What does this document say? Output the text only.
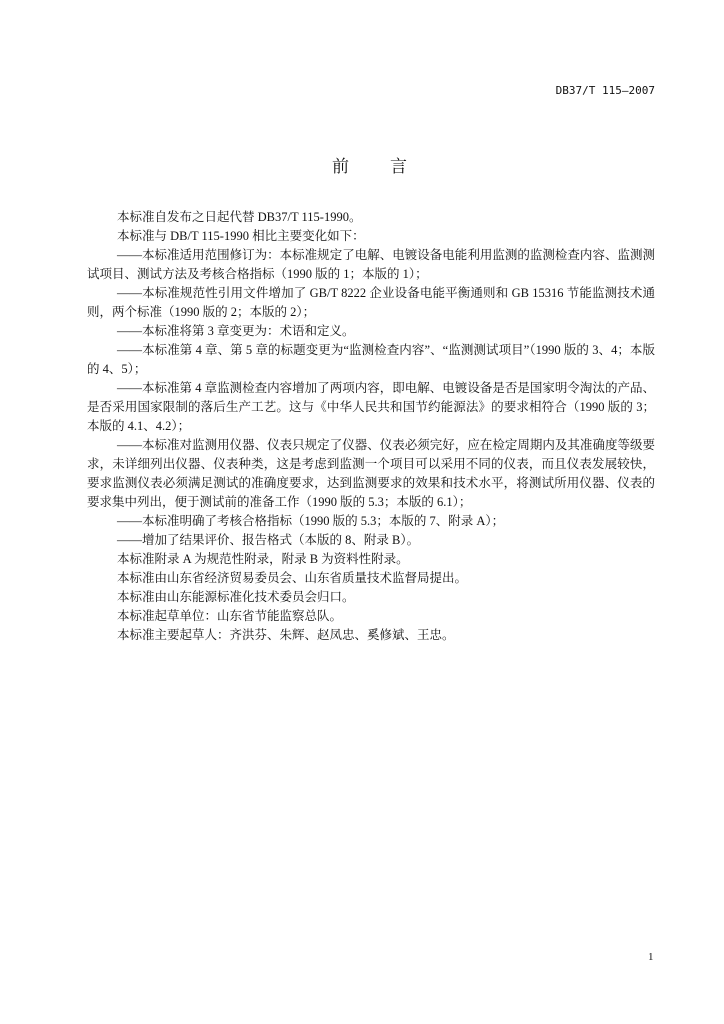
DB37/T 115—2007
前言

本标准自发布之日起代替 DB37/T 115-1990。

本标准与 DB/T 115-1990 相比主要变化如下：

——本标准适用范围修订为：本标准规定了电解、电镀设备电能利用监测的监测检查内容、监测测试项目、测试方法及考核合格指标（1990 版的 1；本版的 1）；

——本标准规范性引用文件增加了 GB/T 8222 企业设备电能平衡通则和 GB 15316 节能监测技术通则，两个标准（1990 版的 2；本版的 2）；

——本标准将第 3 章变更为：术语和定义。

——本标准第 4 章、第 5 章的标题变更为“监测检查内容”、“监测测试项目”（1990 版的 3、4；本版的 4、5）；

——本标准第 4 章监测检查内容增加了两项内容，即电解、电镀设备是否是国家明令淘汰的产品、是否采用国家限制的落后生产工艺。这与《中华人民共和国节约能源法》的要求相符合（1990 版的 3；本版的 4.1、4.2）；

——本标准对监测用仪器、仪表只规定了仪器、仪表必须完好，应在检定周期内及其准确度等级要求，未详细列出仪器、仪表种类，这是考虑到监测一个项目可以采用不同的仪表，而且仪表发展较快，要求监测仪表必须满足测试的准确度要求，达到监测要求的效果和技术水平，将测试所用仪器、仪表的要求集中列出，便于测试前的准备工作（1990 版的 5.3；本版的 6.1）；

——本标准明确了考核合格指标（1990 版的 5.3；本版的 7、附录 A）；

——增加了结果评价、报告格式（本版的 8、附录 B）。

本标准附录 A 为规范性附录，附录 B 为资料性附录。

本标准由山东省经济贸易委员会、山东省质量技术监督局提出。

本标准由山东能源标准化技术委员会归口。

本标准起草单位：山东省节能监察总队。

本标准主要起草人：齐洪芬、朱辉、赵凤忠、奚修斌、王忠。

1
